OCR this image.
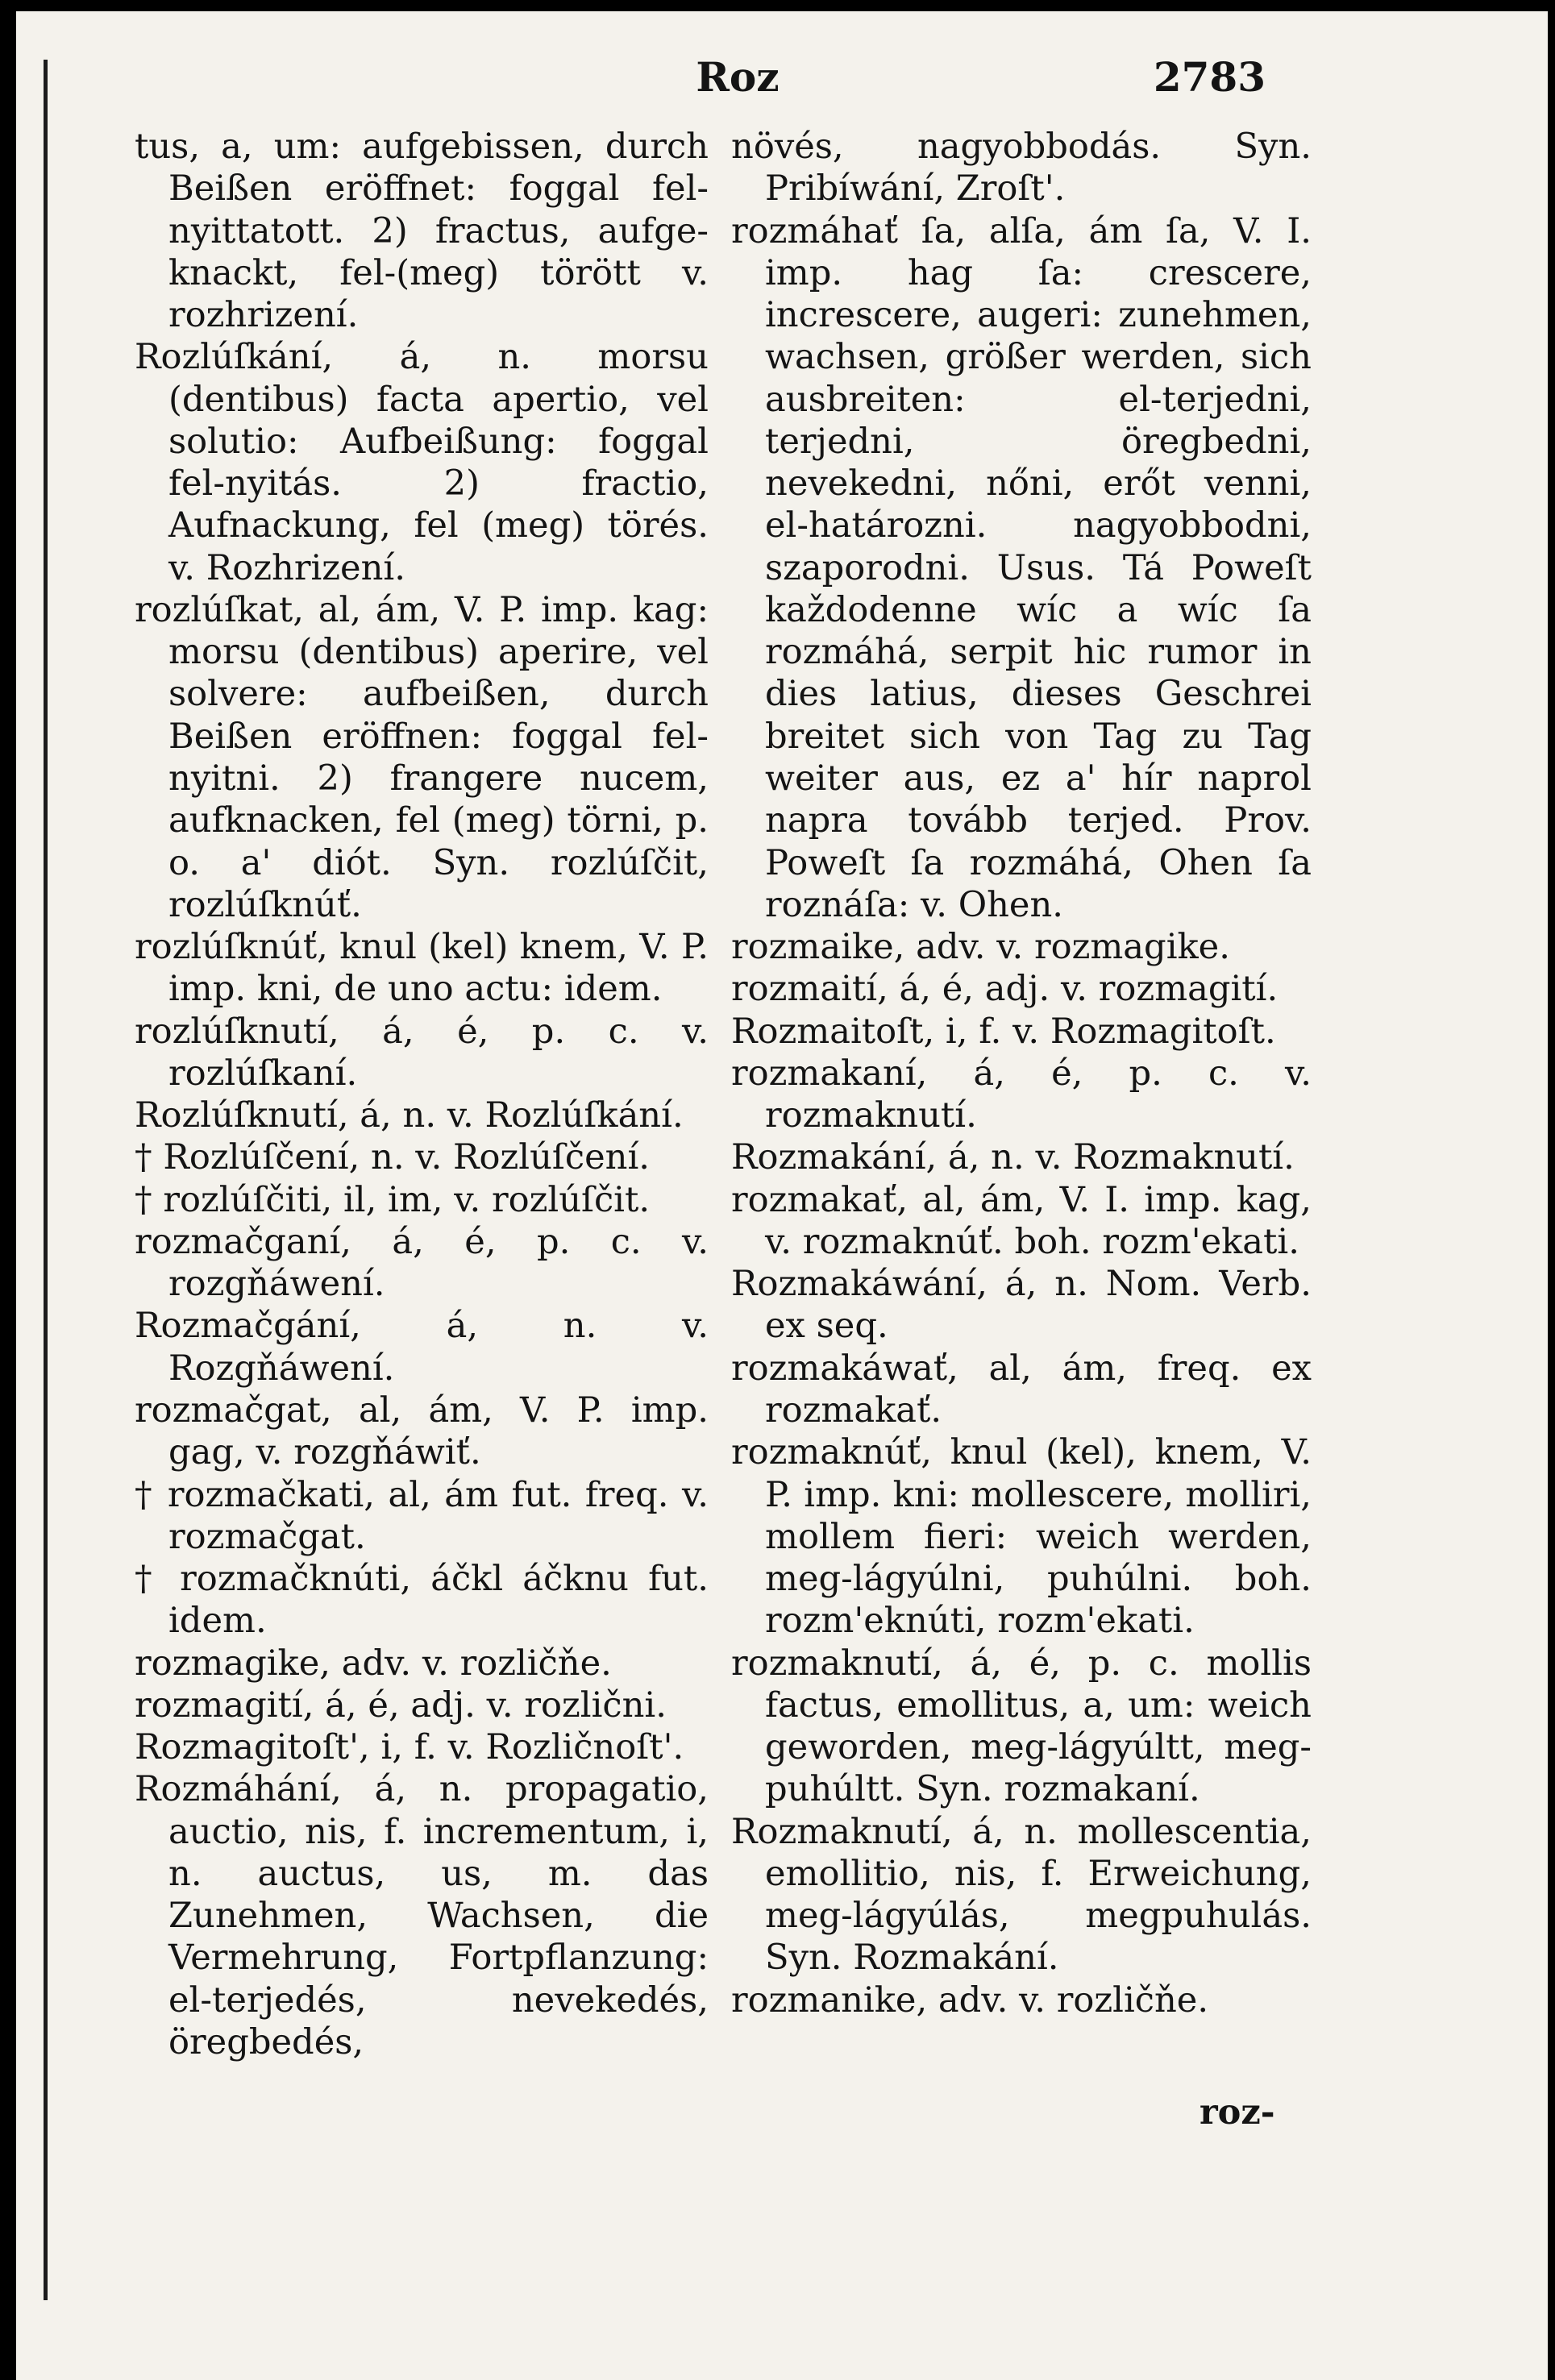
Roz	2783

tus, a, um: aufgebissen, durch Beißen eröffnet: foggal fel-nyittatott. 2) fractus, aufge-knackt, fel-(meg) törött v. rozhrizení.

Rozlúſkání, á, n. morsu (dentibus) facta apertio, vel solutio: Aufbeißung: foggal fel-nyitás. 2) fractio, Aufnackung, fel (meg) törés. v. Rozhrizení.

rozlúſkat, al, ám, V. P. imp. kag: morsu (dentibus) aperire, vel solvere: aufbeißen, durch Beißen eröffnen: foggal fel-nyitni. 2) frangere nucem, aufknacken, fel (meg) törni, p. o. a' diót. Syn. rozlúſčit, rozlúſknúť.

rozlúſknúť, knul (kel) knem, V. P. imp. kni, de uno actu: idem.

rozlúſknutí, á, é, p. c. v. rozlúſkaní.

Rozlúſknutí, á, n. v. Rozlúſkání.

† Rozlúſčení, n. v. Rozlúſčení.

† rozlúſčiti, il, im, v. rozlúſčit.

rozmačganí, á, é, p. c. v. rozgňáwení.

Rozmačgání, á, n. v. Rozgňáwení.

rozmačgat, al, ám, V. P. imp. gag, v. rozgňáwiť.

† rozmačkati, al, ám fut. freq. v. rozmačgat.

† rozmačknúti, áčkl áčknu fut. idem.

rozmagike, adv. v. rozličňe.

rozmagití, á, é, adj. v. rozlični.

Rozmagitoſt', i, f. v. Rozličnoſt'.

Rozmáhání, á, n. propagatio, auctio, nis, f. incrementum, i, n. auctus, us, m. das Zunehmen, Wachsen, die Vermehrung, Fortpflanzung: el-terjedés, nevekedés, öregbedés,

növés, nagyobbodás. Syn. Pribíwání, Zroſt'.

rozmáhať ſa, alſa, ám ſa, V. I. imp. hag ſa: crescere, increscere, augeri: zunehmen, wachsen, größer werden, sich ausbreiten: el-terjedni, terjedni, öregbedni, nevekedni, nőni, erőt venni, el-határozni. nagyobbodni, szaporodni. Usus. Tá Poweſt každodenne wíc a wíc ſa rozmáhá, serpit hic rumor in dies latius, dieses Geschrei breitet sich von Tag zu Tag weiter aus, ez a' hír naprol napra tovább terjed. Prov. Poweſt ſa rozmáhá, Ohen ſa roznáſa: v. Ohen.

rozmaike, adv. v. rozmagike.

rozmaití, á, é, adj. v. rozmagití.

Rozmaitoſt, i, f. v. Rozmagitoſt.

rozmakaní, á, é, p. c. v. rozmaknutí.

Rozmakání, á, n. v. Rozmaknutí.

rozmakať, al, ám, V. I. imp. kag, v. rozmaknúť. boh. rozm'ekati.

Rozmakáwání, á, n. Nom. Verb. ex seq.

rozmakáwať, al, ám, freq. ex rozmakať.

rozmaknúť, knul (kel), knem, V. P. imp. kni: mollescere, molliri, mollem fieri: weich werden, meg-lágyúlni, puhúlni. boh. rozm'eknúti, rozm'ekati.

rozmaknutí, á, é, p. c. mollis factus, emollitus, a, um: weich geworden, meg-lágyúltt, meg-puhúltt. Syn. rozmakaní.

Rozmaknutí, á, n. mollescentia, emollitio, nis, f. Erweichung, meg-lágyúlás, megpuhulás. Syn. Rozmakání.

rozmanike, adv. v. rozličňe.

roz-
